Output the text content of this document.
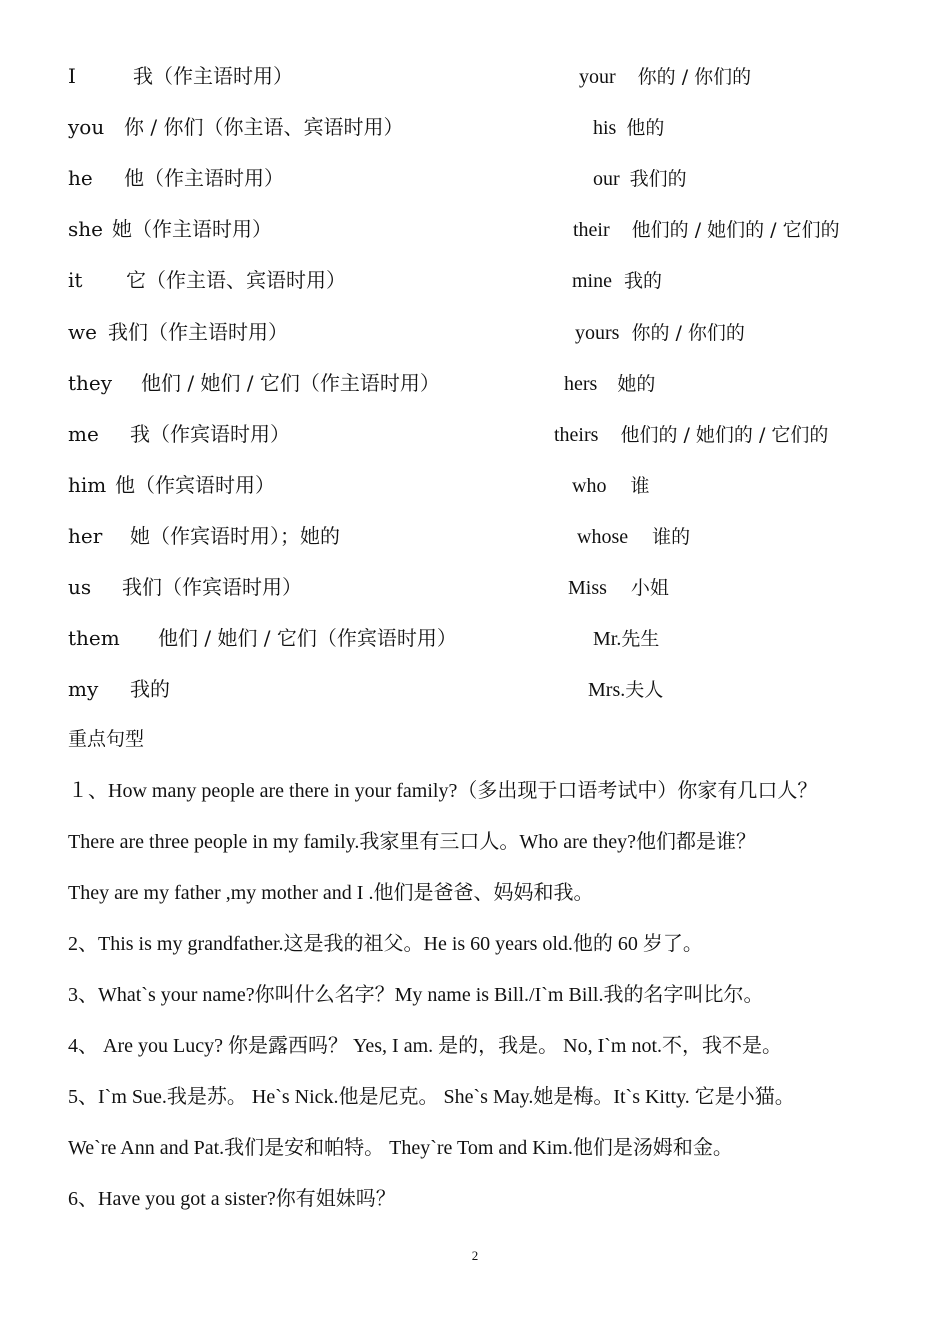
I	我（作主语时用）	your 你的 / 你们的
you 你 / 你们（你主语、宾语时用）	his 他的
he 他（作主语时用）	our 我们的
she 她（作主语时用）	their 他们的 / 她们的 / 它们的
it 它（作主语、宾语时用）	mine 我的
we 我们（作主语时用）	yours 你的 / 你们的
they 他们 / 她们 / 它们（作主语时用）	hers 她的
me 我（作宾语时用）	theirs 他们的 / 她们的 / 它们的
him 他（作宾语时用）	who 谁
her 她（作宾语时用）；她的	whose 谁的
us 我们（作宾语时用）	Miss 小姐
them 他们 / 她们 / 它们（作宾语时用）	Mr.先生
my 我的	Mrs.夫人
重点句型
１、How many people are there in your family?（多出现于口语考试中）你家有几口人？
There are three people in my family.我家里有三口人。Who are they?他们都是谁？
They are my father ,my mother and I .他们是爸爸、妈妈和我。
2、This is my grandfather.这是我的祖父。He is 60 years old.他的 60 岁了。
3、What`s your name?你叫什么名字？My name is Bill./I`m Bill.我的名字叫比尔。
4、 Are you Lucy? 你是露西吗？ Yes, I am. 是的，我是。 No, I`m not.不，我不是。
5、I`m Sue.我是苏。 He`s Nick.他是尼克。 She`s May.她是梅。It`s Kitty. 它是小猫。
We`re Ann and Pat.我们是安和帕特。 They`re Tom and Kim.他们是汤姆和金。
6、Have you got a sister?你有姐妹吗？
2
